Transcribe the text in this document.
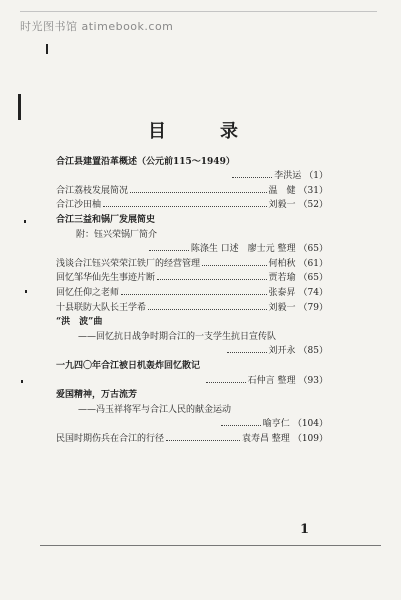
时光图书馆 atimebook.com
目	录
合江县建置沿革概述（公元前115～1949）
李洪运 （1）
合江荔枝发展简况	温　健 （31）
合江沙田柚	刘毅一 （52）
合江三益和锅厂发展简史
附：钰兴荣锅厂简介
陈涤生 口述　廖士元 整理 （65）
浅谈合江钰兴荣荣江铁厂的经营管理	何柏秋 （61）
回忆邹华仙先生事迹片断	贾若瑜 （65）
回忆任仰之老师	张泰昇 （74）
十县联防大队长王学希	刘毅一 （79）
“洪　波”曲
——回忆抗日战争时期合江的一支学生抗日宣传队
刘开永 （85）
一九四〇年合江被日机轰炸回忆散记
石仲言 整理 （93）
爱国精神，万古流芳
——冯玉祥将军与合江人民的献金运动
喻亨仁 （104）
民国时期伤兵在合江的行径	袁寿昌 整理 （109）
1
